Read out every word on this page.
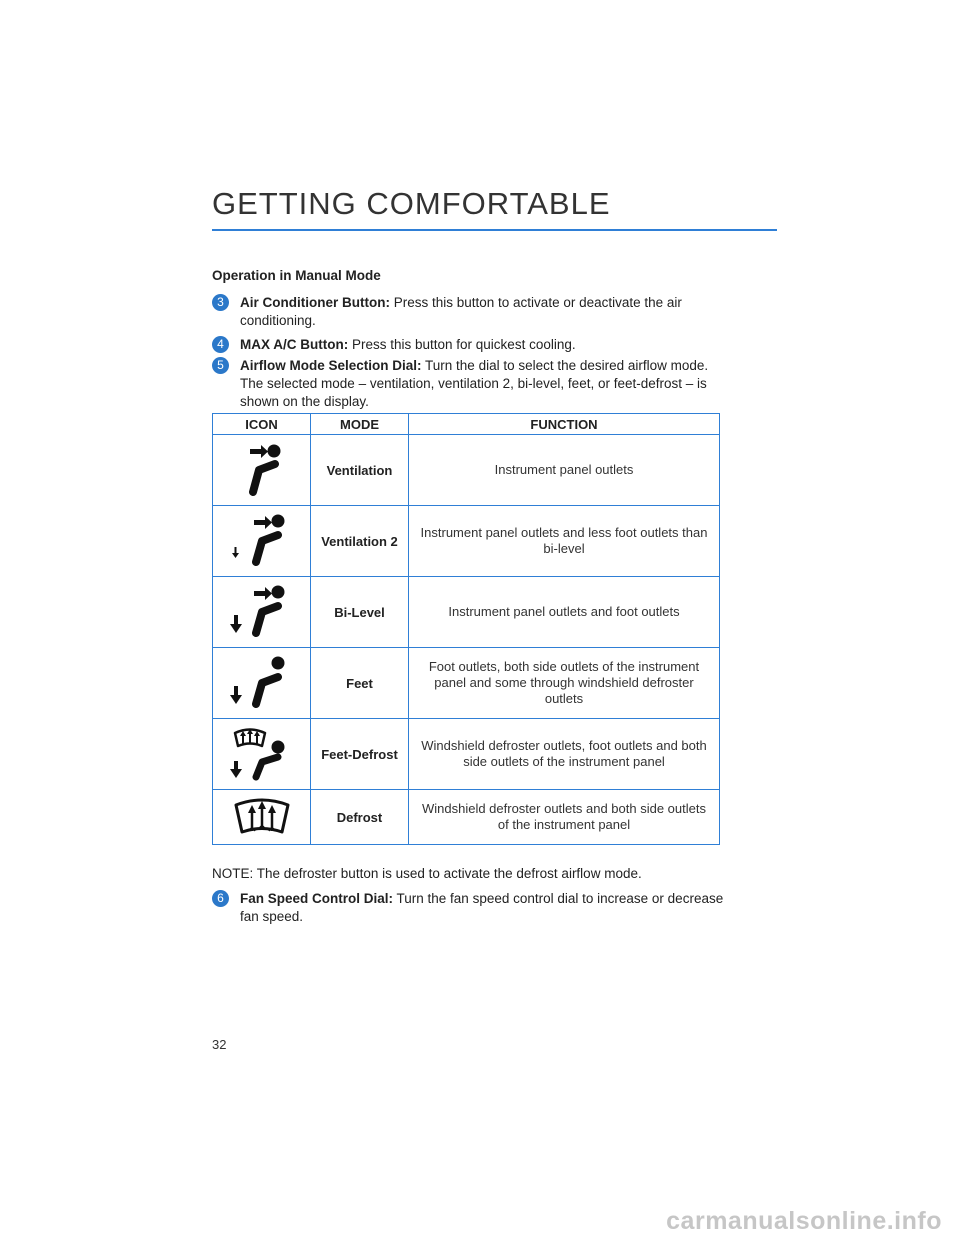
GETTING COMFORTABLE
Operation in Manual Mode
3	Air Conditioner Button: Press this button to activate or deactivate the air conditioning.
4	MAX A/C Button: Press this button for quickest cooling.
5	Airflow Mode Selection Dial: Turn the dial to select the desired airflow mode. The selected mode – ventilation, ventilation 2, bi-level, feet, or feet-defrost – is shown on the display.
ICON	MODE	FUNCTION

	Ventilation	Instrument panel outlets

	Ventilation 2	Instrument panel outlets and less foot outlets than bi-level

	Bi-Level	Instrument panel outlets and foot outlets

	Feet	Foot outlets, both side outlets of the instrument panel and some through windshield defroster outlets

	Feet-Defrost	Windshield defroster outlets, foot outlets and both side outlets of the instrument panel

	Defrost	Windshield defroster outlets and both side outlets of the instrument panel
NOTE: The defroster button is used to activate the defrost airflow mode.
6	Fan Speed Control Dial: Turn the fan speed control dial to increase or decrease fan speed.
32
carmanualsonline.info
